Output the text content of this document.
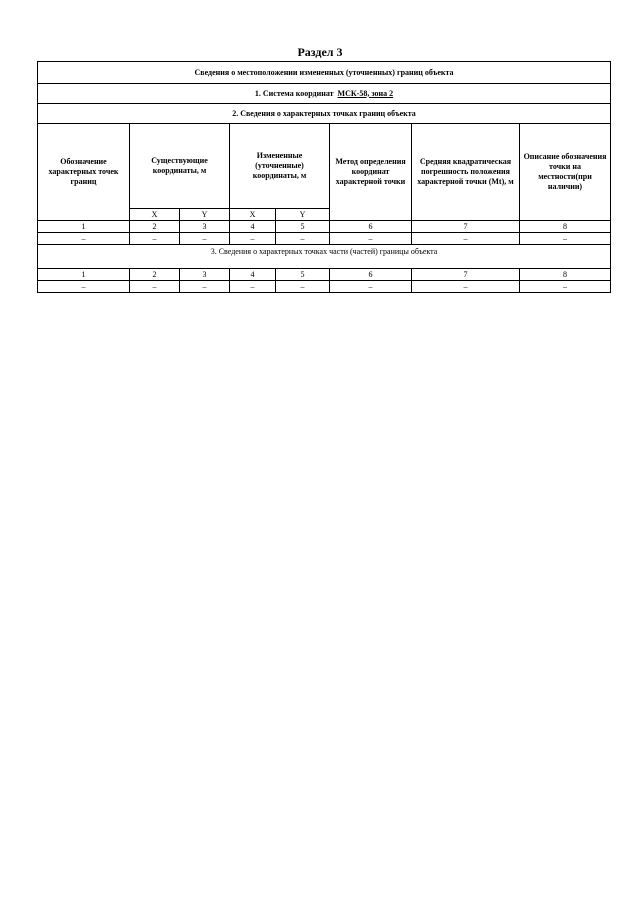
Раздел 3
Сведения о местоположении измененных (уточненных) границ объекта							
1. Система координат МСК-58, зона 2							
2. Сведения о характерных точках границ объекта							
Обозначение характерных точек границ	Существующие координаты, м		Измененные (уточненные) координаты, м		Метод определения координат характерной точки	Средняя квадратическая погрешность положения характерной точки (Mt), м	Описание обозначения точки на местности(при наличии)
	X	Y	X	Y			
1	2	3	4	5	6	7	8
–	–	–	–	–	–	–	–
3. Сведения о характерных точках части (частей) границы объекта							
1	2	3	4	5	6	7	8
–	–	–	–	–	–	–	–
